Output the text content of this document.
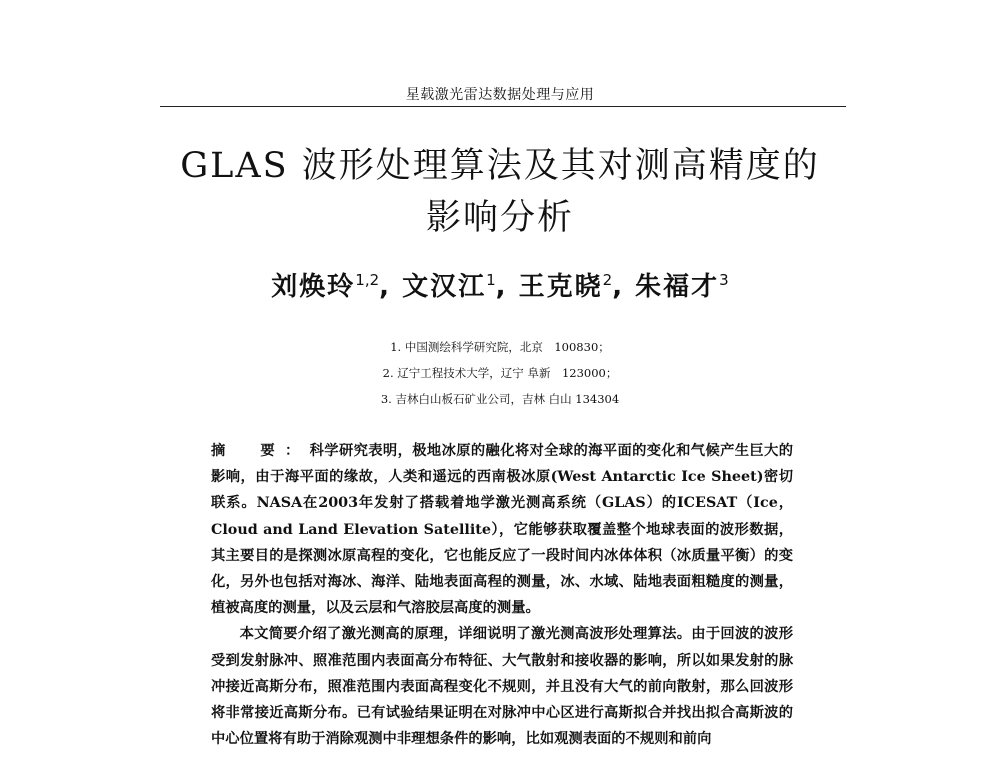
星载激光雷达数据处理与应用
GLAS 波形处理算法及其对测高精度的
影响分析
刘焕玲$^{1,2}$, 文汉江$^1$, 王克晓$^2$, 朱福才$^3$
1. 中国测绘科学研究院，北京　100830；
2. 辽宁工程技术大学，辽宁 阜新　123000；
3. 吉林白山板石矿业公司，吉林 白山 134304

摘　要：科学研究表明，极地冰原的融化将对全球的海平面的变化和气候产生巨大的影响，由于海平面的缘故，人类和遥远的西南极冰原(West Antarctic Ice Sheet)密切联系。NASA在2003年发射了搭载着地学激光测高系统（GLAS）的ICESAT（Ice，Cloud and Land Elevation Satellite），它能够获取覆盖整个地球表面的波形数据，其主要目的是探测冰原高程的变化，它也能反应了一段时间内冰体体积（冰质量平衡）的变化，另外也包括对海冰、海洋、陆地表面高程的测量，冰、水域、陆地表面粗糙度的测量，植被高度的测量，以及云层和气溶胶层高度的测量。

本文简要介绍了激光测高的原理，详细说明了激光测高波形处理算法。由于回波的波形受到发射脉冲、照准范围内表面高分布特征、大气散射和接收器的影响，所以如果发射的脉冲接近高斯分布，照准范围内表面高程变化不规则，并且没有大气的前向散射，那么回波形将非常接近高斯分布。已有试验结果证明在对脉冲中心区进行高斯拟合并找出拟合高斯波的中心位置将有助于消除观测中非理想条件的影响，比如观测表面的不规则和前向
